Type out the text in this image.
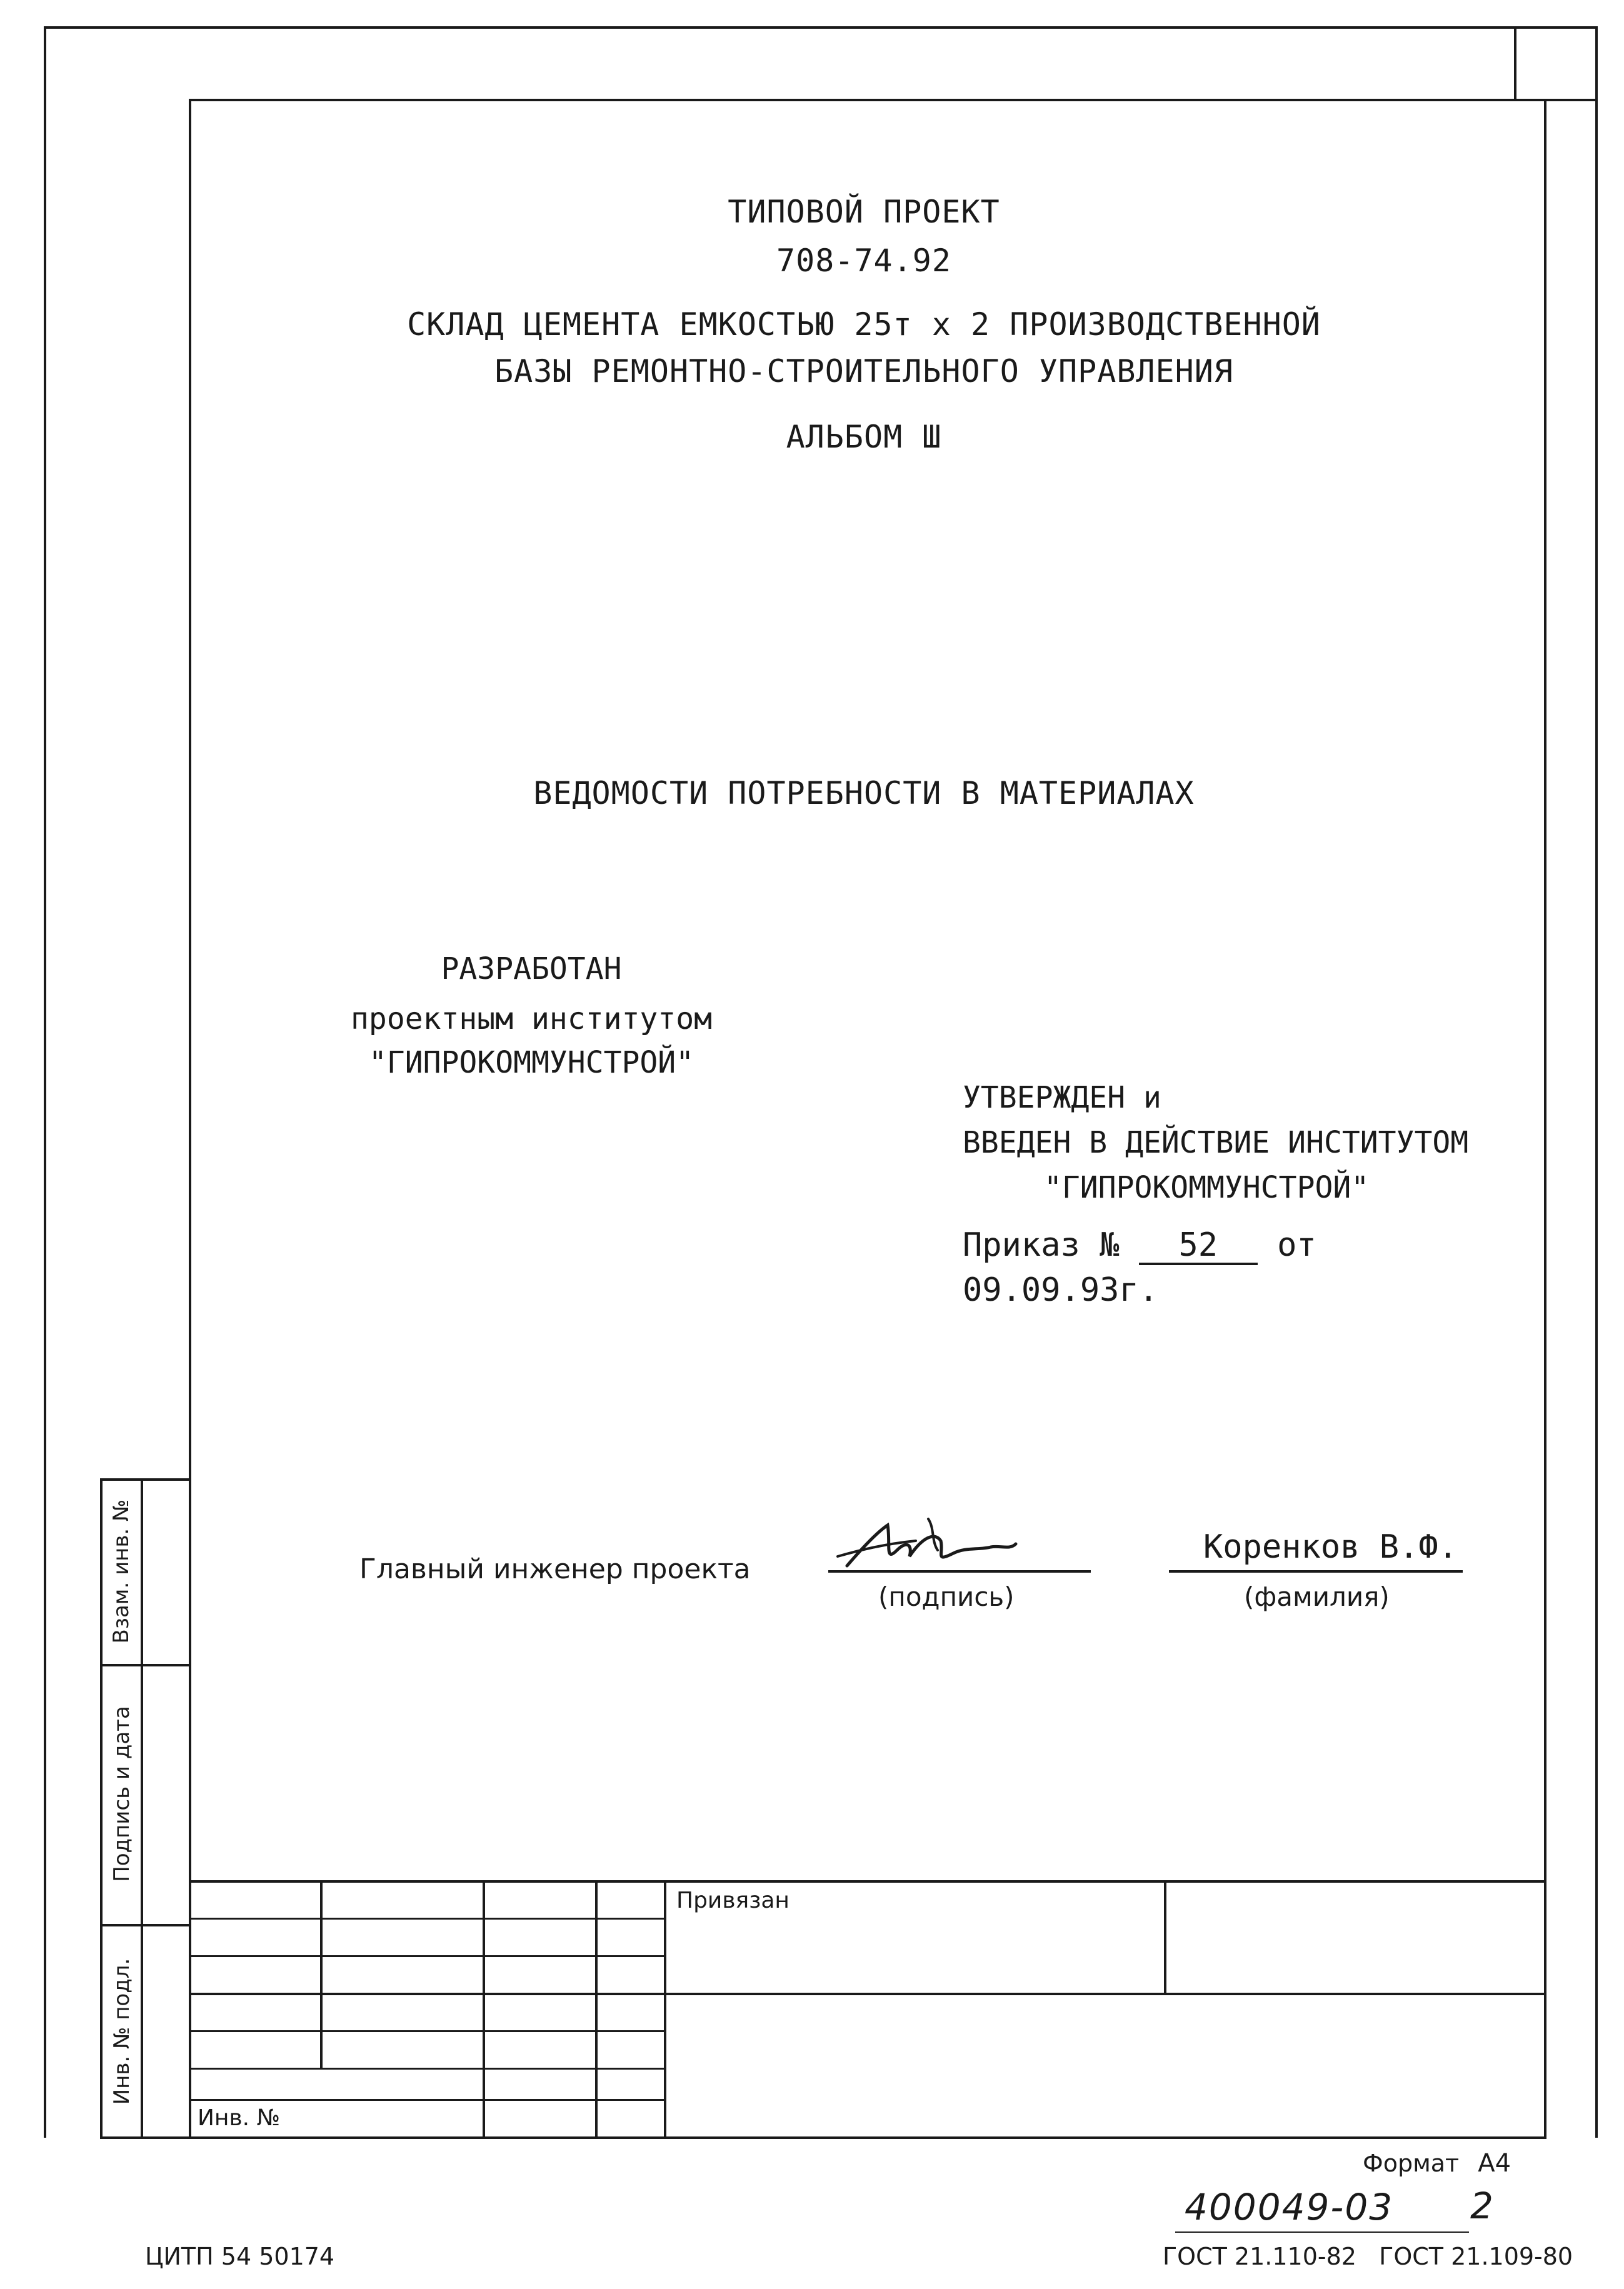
ТИПОВОЙ ПРОЕКТ
708-74.92
СКЛАД ЦЕМЕНТА ЕМКОСТЬЮ 25т x 2 ПРОИЗВОДСТВЕННОЙ
БАЗЫ РЕМОНТНО-СТРОИТЕЛЬНОГО УПРАВЛЕНИЯ
АЛЬБОМ Ш
ВЕДОМОСТИ ПОТРЕБНОСТИ В МАТЕРИАЛАХ
РАЗРАБОТАН
проектным институтом
"ГИПРОКОММУНСТРОЙ"
УТВЕРЖДЕН и
ВВЕДЕН В ДЕЙСТВИЕ ИНСТИТУТОМ
"ГИПРОКОММУНСТРОЙ"
Приказ № 52 от 09.09.93г.
Главный инженер проекта
(подпись)
Коренков В.Ф.
(фамилия)
Взам. инв. №
Подпись и дата
Инв. № подл.
Привязан
Инв. №
Формат А4
400049-03 2
ЦИТП 54 50174	ГОСТ 21.110-82   ГОСТ 21.109-80
